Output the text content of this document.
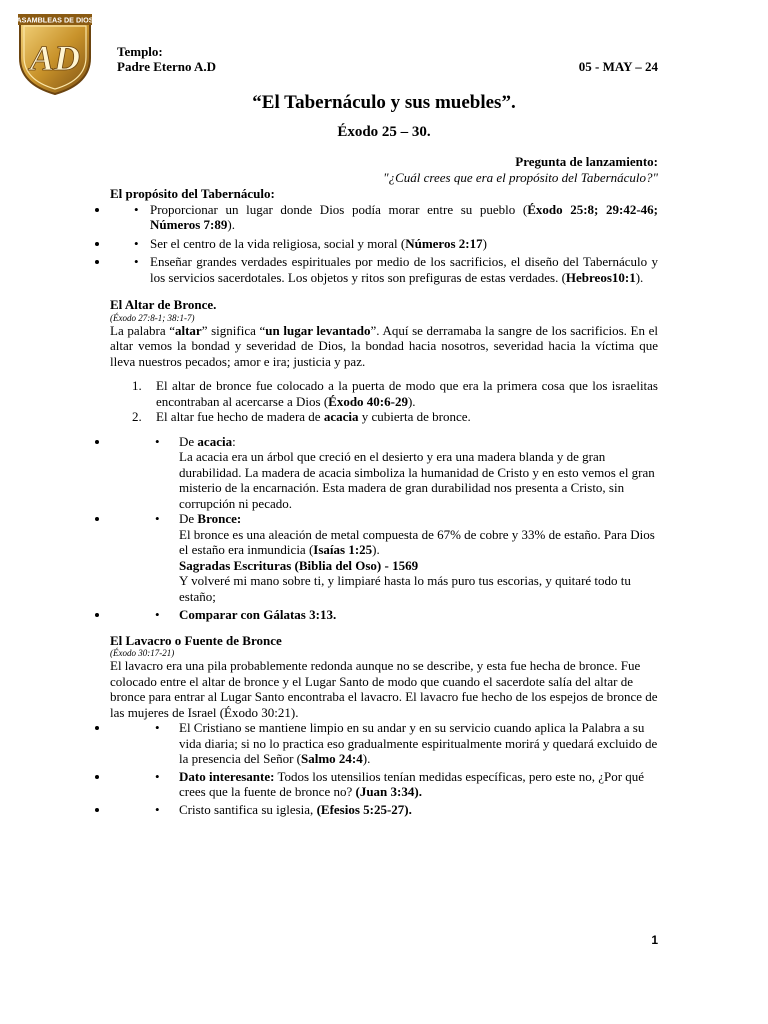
ASAMBLEAS DE DIOS
AD	Templo:
Padre Eterno A.D	05 - MAY – 24
“El Tabernáculo y sus muebles”.
Éxodo 25 – 30.
Pregunta de lanzamiento:
"¿Cuál crees que era el propósito del Tabernáculo?"
El propósito del Tabernáculo:
• • Proporcionar un lugar donde Dios podía morar entre su pueblo (Éxodo 25:8; 29:42-46; Números 7:89).
• • Ser el centro de la vida religiosa, social y moral (Números 2:17)
• • Enseñar grandes verdades espirituales por medio de los sacrificios, el diseño del Tabernáculo y los servicios sacerdotales. Los objetos y ritos son prefiguras de estas verdades. (Hebreos10:1).
El Altar de Bronce.
(Éxodo 27:8-1; 38:1-7)

La palabra “altar” significa “un lugar levantado”. Aquí se derramaba la sangre de los sacrificios. En el altar vemos la bondad y severidad de Dios, la bondad hacia nosotros, severidad hacia la víctima que lleva nuestros pecados; amor e ira; justicia y paz.

1. El altar de bronce fue colocado a la puerta de modo que era la primera cosa que los israelitas encontraban al acercarse a Dios (Éxodo 40:6-29).
2. El altar fue hecho de madera de acacia y cubierta de bronce.
• • De acacia:
La acacia era un árbol que creció en el desierto y era una madera blanda y de gran durabilidad. La madera de acacia simboliza la humanidad de Cristo y en esto vemos el gran misterio de la encarnación. Esta madera de gran durabilidad nos presenta a Cristo, sin corrupción ni pecado.
• • De Bronce:
El bronce es una aleación de metal compuesta de 67% de cobre y 33% de estaño. Para Dios el estaño era inmundicia (Isaías 1:25).
Sagradas Escrituras (Biblia del Oso) - 1569
Y volveré mi mano sobre ti, y limpiaré hasta lo más puro tus escorias, y quitaré todo tu estaño;
• • Comparar con Gálatas 3:13.
El Lavacro o Fuente de Bronce
(Éxodo 30:17-21)

El lavacro era una pila probablemente redonda aunque no se describe, y esta fue hecha de bronce. Fue colocado entre el altar de bronce y el Lugar Santo de modo que cuando el sacerdote salía del altar de bronce para entrar al Lugar Santo encontraba el lavacro. El lavacro fue hecho de los espejos de bronce de las mujeres de Israel (Éxodo 30:21).

• • El Cristiano se mantiene limpio en su andar y en su servicio cuando aplica la Palabra a su vida diaria; si no lo practica eso gradualmente espiritualmente morirá y quedará excluido de la presencia del Señor (Salmo 24:4).
• • Dato interesante: Todos los utensilios tenían medidas específicas, pero este no, ¿Por qué crees que la fuente de bronce no? (Juan 3:34).
• • Cristo santifica su iglesia, (Efesios 5:25-27).
1
